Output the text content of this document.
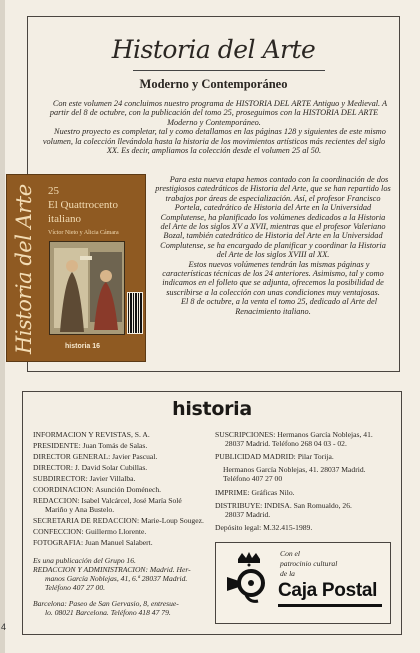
4
Historia del Arte
Moderno y Contemporáneo

Con este volumen 24 concluimos nuestro programa de HISTORIA DEL ARTE Antiguo y Medieval. A partir del 8 de octubre, con la publicación del tomo 25, proseguimos con la HISTORIA DEL ARTE Moderno y Contemporáneo.

Nuestro proyecto es completar, tal y como detallamos en las páginas 128 y siguientes de este mismo volumen, la colección llevándola hasta la historia de los movimientos artísticos más recientes del siglo XX. Es decir, ampliamos la colección desde el volumen 25 al 50.

Para esta nueva etapa hemos contado con la coordinación de dos prestigiosos catedráticos de Historia del Arte, que se han repartido los trabajos por áreas de especialización. Así, el profesor Francisco Portela, catedrático de Historia del Arte en la Universidad Complutense, ha planificado los volúmenes dedicados a la Historia del Arte de los siglos XV a XVII, mientras que el profesor Valeriano Bozal, también catedrático de Historia del Arte en la Universidad Complutense, se ha encargado de planificar y coordinar la Historia del Arte de los siglos XVIII al XX.

Estos nuevos volúmenes tendrán las mismas páginas y características técnicas de los 24 anteriores. Asimismo, tal y como indicamos en el folleto que se adjunta, ofrecemos la posibilidad de suscribirse a la colección con unas condiciones muy ventajosas.

El 8 de octubre, a la venta el tomo 25, dedicado al Arte del Renacimiento italiano.

Historia del Arte 25
El Quattrocento
italiano
Víctor Nieto y Alicia Cámara
historia 16
historia
INFORMACION Y REVISTAS, S. A.
PRESIDENTE: Juan Tomás de Salas.
DIRECTOR GENERAL: Javier Pascual.
DIRECTOR: J. David Solar Cubillas.
SUBDIRECTOR: Javier Villalba.
COORDINACION: Asunción Doménech.
REDACCION: Isabel Valcárcel, José María Solé
Mariño y Ana Bustelo.
SECRETARIA DE REDACCION: Marie-Loup Sougez.
CONFECCION: Guillermo Llorente.
FOTOGRAFIA: Juan Manuel Salabert.
Es una publicación del Grupo 16.
REDACCION Y ADMINISTRACION: Madrid. Her-
manos García Noblejas, 41, 6.ª 28037 Madrid.
Teléfono 407 27 00.
Barcelona: Paseo de San Gervasio, 8, entresue-
lo. 08021 Barcelona. Teléfono 418 47 79.
SUSCRIPCIONES: Hermanos García Noblejas, 41.
28037 Madrid. Teléfono 268 04 03 - 02.
PUBLICIDAD MADRID: Pilar Torija.
Hermanos García Noblejas, 41. 28037 Madrid.
Teléfono 407 27 00
IMPRIME: Gráficas Nilo.
DISTRIBUYE: INDISA. San Romualdo, 26.
28037 Madrid.
Depósito legal: M.32.415-1989.
Con el
patrocinio cultural
de la
Caja Postal
